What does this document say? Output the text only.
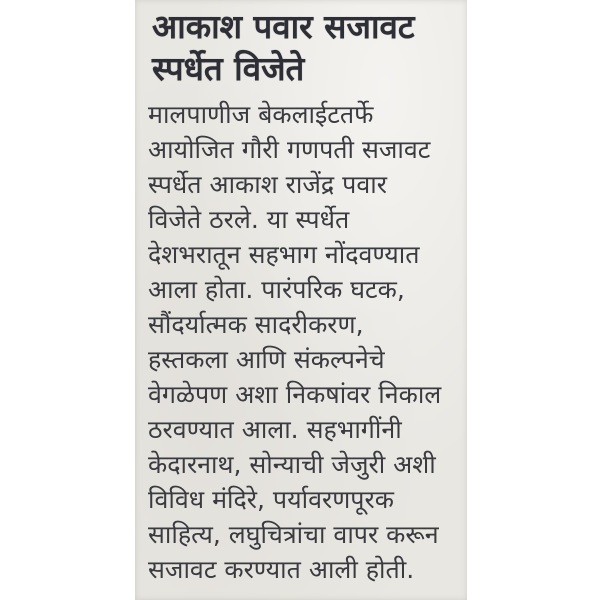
आकाश पवार सजावट
स्पर्धेत विजेते
मालपाणीज बेकलाईटतर्फे
आयोजित गौरी गणपती सजावट
स्पर्धेत आकाश राजेंद्र पवार
विजेते ठरले. या स्पर्धेत
देशभरातून सहभाग नोंदवण्यात
आला होता. पारंपरिक घटक,
सौंदर्यात्मक सादरीकरण,
हस्तकला आणि संकल्पनेचे
वेगळेपण अशा निकषांवर निकाल
ठरवण्यात आला. सहभागींनी
केदारनाथ, सोन्याची जेजुरी अशी
विविध मंदिरे, पर्यावरणपूरक
साहित्य, लघुचित्रांचा वापर करून
सजावट करण्यात आली होती.
